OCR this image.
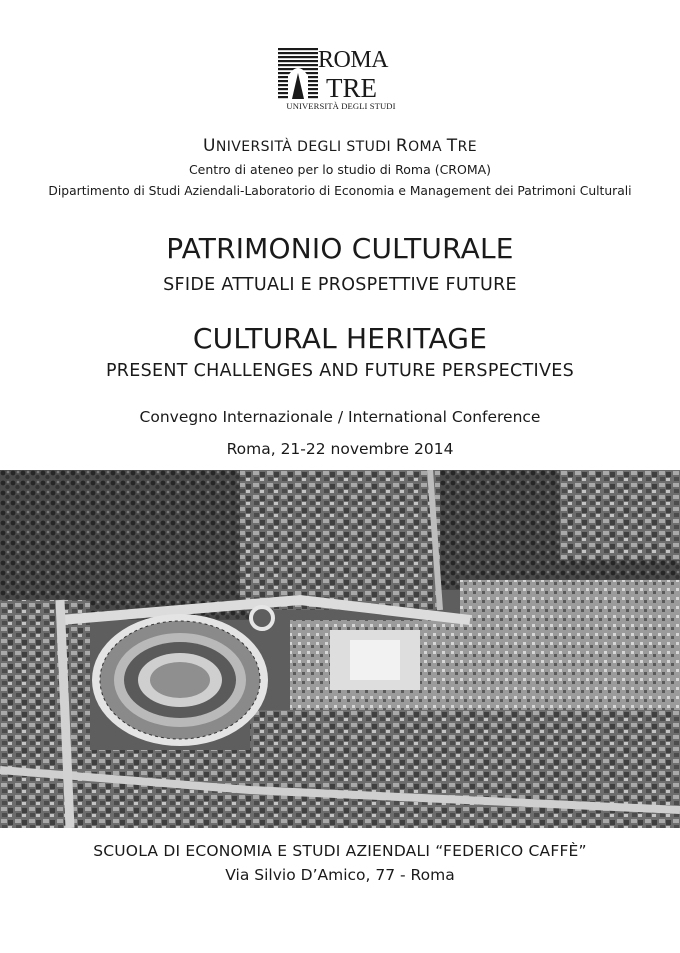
ROMA
TRE
UNIVERSITÀ DEGLI STUDI
UNIVERSITÀ DEGLI STUDI ROMA TRE
Centro di ateneo per lo studio di Roma (CROMA)
Dipartimento di Studi Aziendali-Laboratorio di Economia e Management dei Patrimoni Culturali
PATRIMONIO CULTURALE
SFIDE ATTUALI E PROSPETTIVE FUTURE
CULTURAL HERITAGE
PRESENT CHALLENGES AND FUTURE PERSPECTIVES
Convegno Internazionale / International Conference
Roma, 21-22 novembre 2014
SCUOLA DI ECONOMIA E STUDI AZIENDALI “FEDERICO CAFFÈ”
Via Silvio D’Amico, 77 - Roma
